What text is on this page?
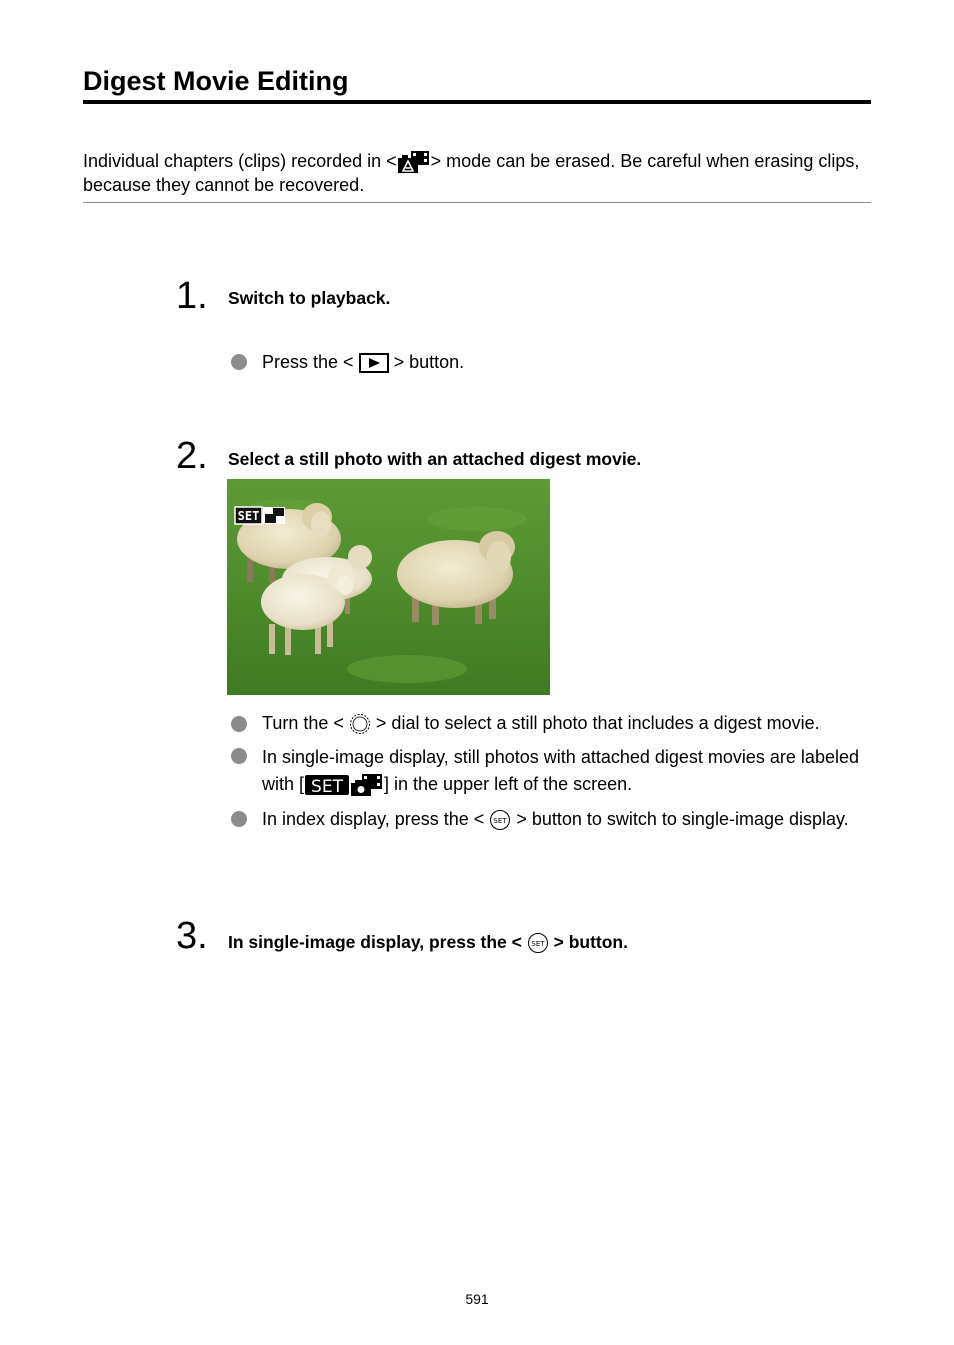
Digest Movie Editing
Individual chapters (clips) recorded in < > mode can be erased. Be careful when erasing clips, because they cannot be recovered.
1. Switch to playback.
Press the < > button.
2. Select a still photo with an attached digest movie.
SET
Turn the < > dial to select a still photo that includes a digest movie.
In single-image display, still photos with attached digest movies are labeled with [ SET ] in the upper left of the screen.
In index display, press the < SET > button to switch to single-image display.
3. In single-image display, press the < SET > button.
591
